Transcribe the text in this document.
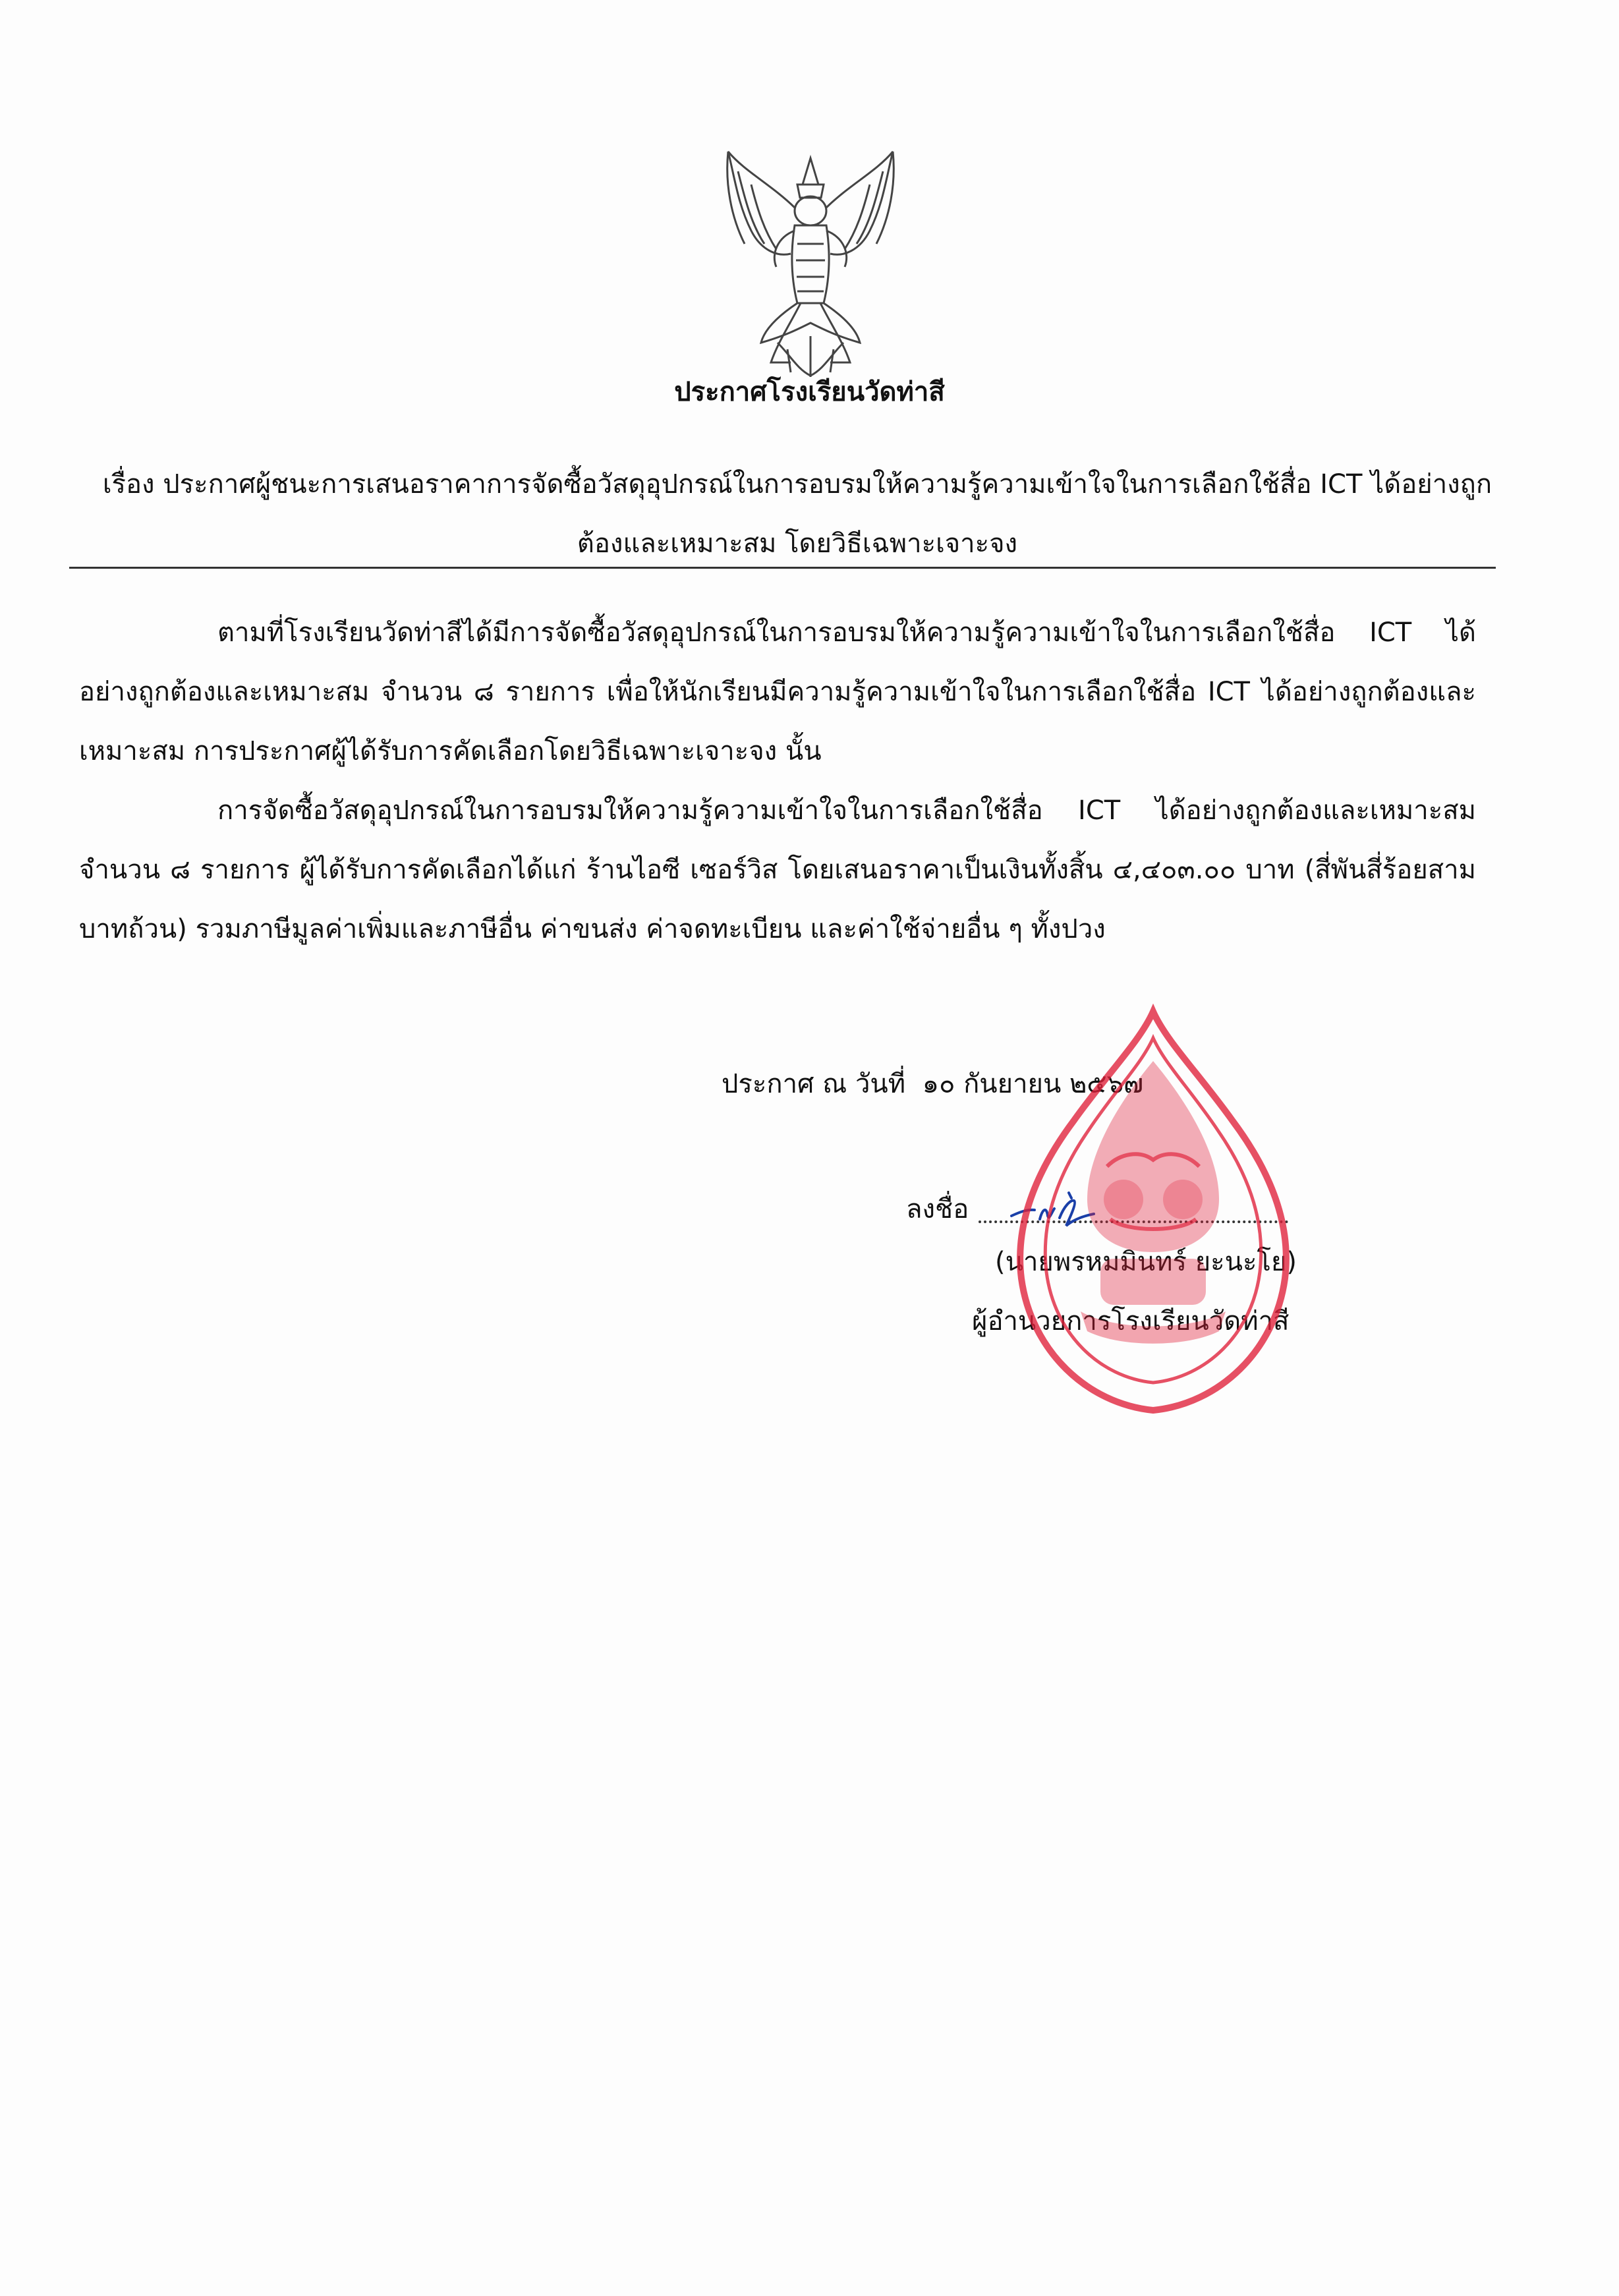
ประกาศโรงเรียนวัดท่าสี
เรื่อง ประกาศผู้ชนะการเสนอราคาการจัดซื้อวัสดุอุปกรณ์ในการอบรมให้ความรู้ความเข้าใจในการเลือกใช้สื่อ ICT ได้อย่างถูกต้องและเหมาะสม โดยวิธีเฉพาะเจาะจง

ตามที่โรงเรียนวัดท่าสีได้มีการจัดซื้อวัสดุอุปกรณ์ในการอบรมให้ความรู้ความเข้าใจในการเลือกใช้สื่อ ICT ได้อย่างถูกต้องและเหมาะสม จำนวน ๘ รายการ เพื่อให้นักเรียนมีความรู้ความเข้าใจในการเลือกใช้สื่อ ICT ได้อย่างถูกต้องและเหมาะสม การประกาศผู้ได้รับการคัดเลือกโดยวิธีเฉพาะเจาะจง นั้น

การจัดซื้อวัสดุอุปกรณ์ในการอบรมให้ความรู้ความเข้าใจในการเลือกใช้สื่อ ICT ได้อย่างถูกต้องและเหมาะสม จำนวน ๘ รายการ ผู้ได้รับการคัดเลือกได้แก่ ร้านไอซี เซอร์วิส โดยเสนอราคาเป็นเงินทั้งสิ้น ๔,๔๐๓.๐๐ บาท (สี่พันสี่ร้อยสามบาทถ้วน) รวมภาษีมูลค่าเพิ่มและภาษีอื่น ค่าขนส่ง ค่าจดทะเบียน และค่าใช้จ่ายอื่น ๆ ทั้งปวง

ประกาศ ณ วันที่  ๑๐ กันยายน ๒๕๖๗
ลงชื่อ
(นายพรหมมินทร์ ยะนะโย)
ผู้อำนวยการโรงเรียนวัดท่าสี
